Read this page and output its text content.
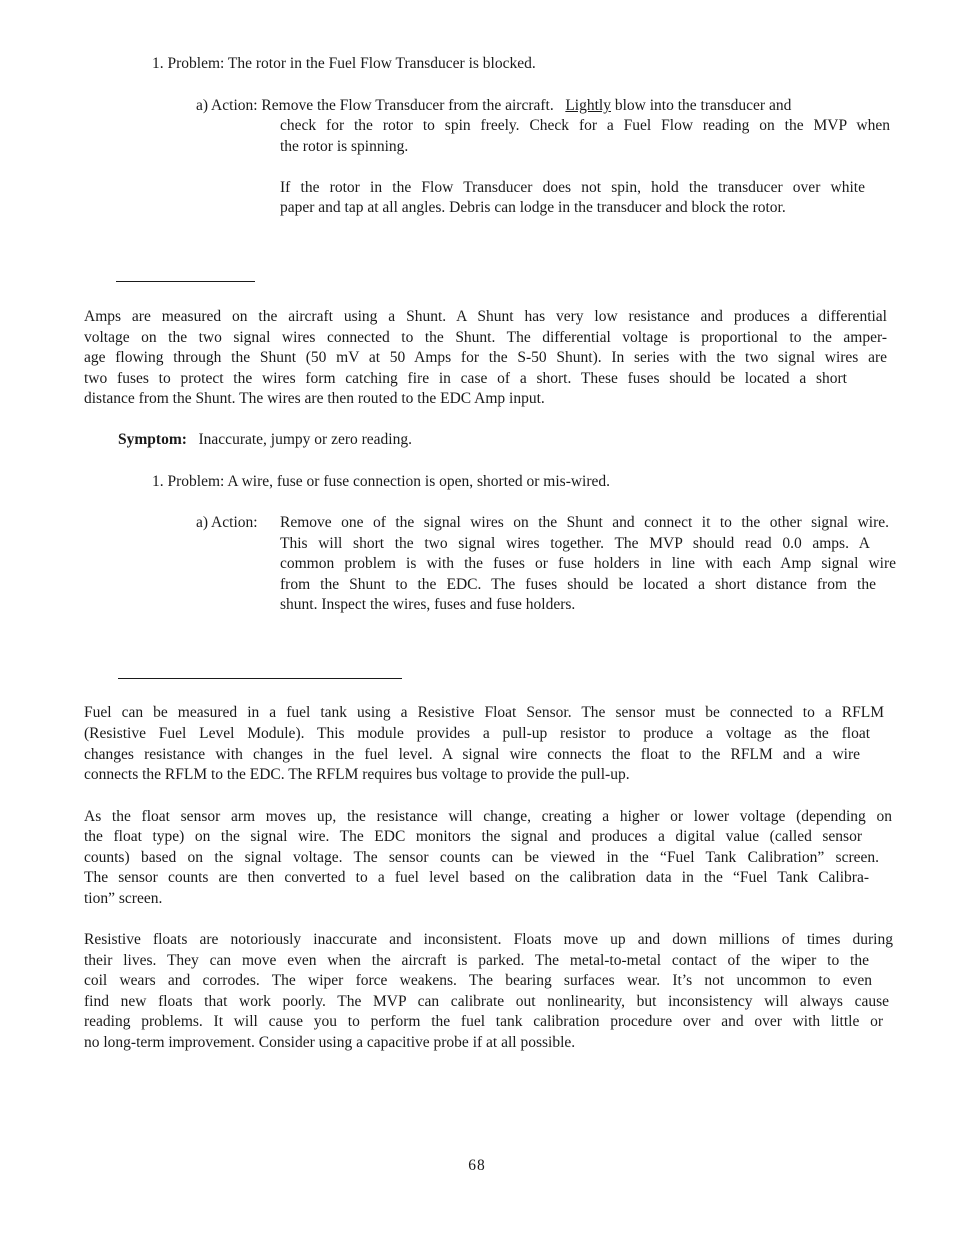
1. Problem: The rotor in the Fuel Flow Transducer is blocked.
a) Action: Remove the Flow Transducer from the aircraft. Lightly blow into the transducer and
check for the rotor to spin freely. Check for a Fuel Flow reading on the MVP when
the rotor is spinning.
If the rotor in the Flow Transducer does not spin, hold the transducer over white
paper and tap at all angles. Debris can lodge in the transducer and block the rotor.
Amps are measured on the aircraft using a Shunt. A Shunt has very low resistance and produces a differential
voltage on the two signal wires connected to the Shunt. The differential voltage is proportional to the amper-
age flowing through the Shunt (50 mV at 50 Amps for the S-50 Shunt). In series with the two signal wires are
two fuses to protect the wires form catching fire in case of a short. These fuses should be located a short
distance from the Shunt. The wires are then routed to the EDC Amp input.
Symptom: Inaccurate, jumpy or zero reading.
1. Problem: A wire, fuse or fuse connection is open, shorted or mis-wired.
a) Action: Remove one of the signal wires on the Shunt and connect it to the other signal wire.
This will short the two signal wires together. The MVP should read 0.0 amps. A
common problem is with the fuses or fuse holders in line with each Amp signal wire
from the Shunt to the EDC. The fuses should be located a short distance from the
shunt. Inspect the wires, fuses and fuse holders.
Fuel can be measured in a fuel tank using a Resistive Float Sensor. The sensor must be connected to a RFLM
(Resistive Fuel Level Module). This module provides a pull-up resistor to produce a voltage as the float
changes resistance with changes in the fuel level. A signal wire connects the float to the RFLM and a wire
connects the RFLM to the EDC. The RFLM requires bus voltage to provide the pull-up.
As the float sensor arm moves up, the resistance will change, creating a higher or lower voltage (depending on
the float type) on the signal wire. The EDC monitors the signal and produces a digital value (called sensor
counts) based on the signal voltage. The sensor counts can be viewed in the “Fuel Tank Calibration” screen.
The sensor counts are then converted to a fuel level based on the calibration data in the “Fuel Tank Calibra-
tion” screen.
Resistive floats are notoriously inaccurate and inconsistent. Floats move up and down millions of times during
their lives. They can move even when the aircraft is parked. The metal-to-metal contact of the wiper to the
coil wears and corrodes. The wiper force weakens. The bearing surfaces wear. It’s not uncommon to even
find new floats that work poorly. The MVP can calibrate out nonlinearity, but inconsistency will always cause
reading problems. It will cause you to perform the fuel tank calibration procedure over and over with little or
no long-term improvement. Consider using a capacitive probe if at all possible.
68
